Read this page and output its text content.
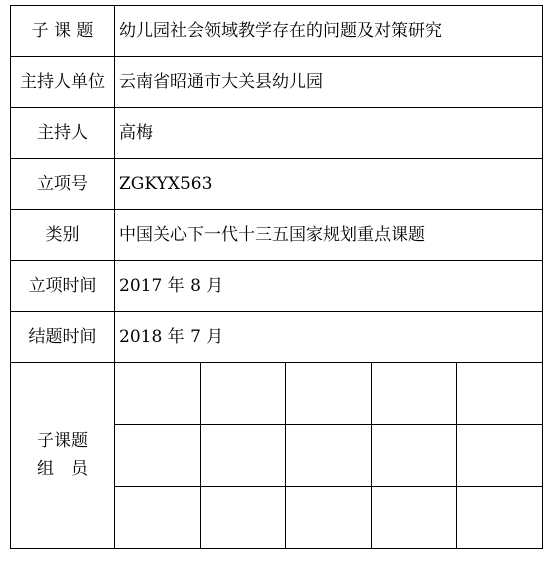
子 课 题	幼儿园社会领域教学存在的问题及对策研究				
主持人单位	云南省昭通市大关县幼儿园				
主持人	高梅				
立项号	ZGKYX563				
类别	中国关心下一代十三五国家规划重点课题				
立项时间	2017 年 8 月				
结题时间	2018 年 7 月				

子课题
组　员					
